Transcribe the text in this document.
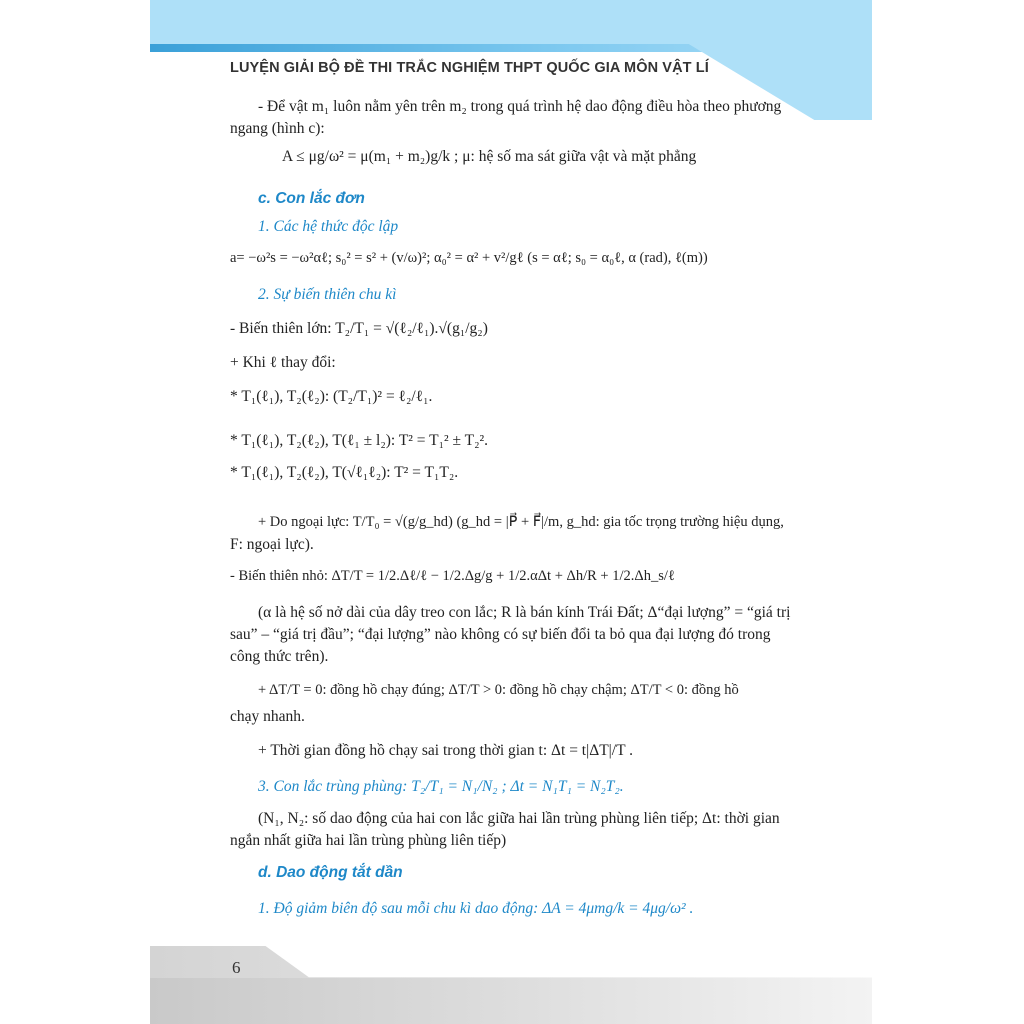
LUYỆN GIẢI BỘ ĐỀ THI TRẮC NGHIỆM THPT QUỐC GIA MÔN VẬT LÍ
- Để vật m₁ luôn nằm yên trên m₂ trong quá trình hệ dao động điều hòa theo phương
ngang (hình c):
A ≤ μg/ω² = μ(m₁ + m₂)g/k ; μ: hệ số ma sát giữa vật và mặt phẳng
c. Con lắc đơn
1. Các hệ thức độc lập
a= −ω²s = −ω²αℓ; s₀² = s² + (v/ω)²; α₀² = α² + v²/gℓ (s = αℓ; s₀ = α₀ℓ, α (rad), ℓ(m))
2. Sự biến thiên chu kì
- Biến thiên lớn: T₂/T₁ = √(ℓ₂/ℓ₁).√(g₁/g₂)
+ Khi ℓ thay đổi:
* T₁(ℓ₁), T₂(ℓ₂): (T₂/T₁)² = ℓ₂/ℓ₁.
* T₁(ℓ₁), T₂(ℓ₂), T(ℓ₁ ± l₂): T² = T₁² ± T₂².
* T₁(ℓ₁), T₂(ℓ₂), T(√ℓ₁ℓ₂): T² = T₁T₂.
+ Do ngoại lực: T/T₀ = √(g/g_hd) (g_hd = |P⃗ + F⃗|/m, g_hd: gia tốc trọng trường hiệu dụng,
F: ngoại lực).
- Biến thiên nhỏ: ΔT/T = 1/2.Δℓ/ℓ − 1/2.Δg/g + 1/2.αΔt + Δh/R + 1/2.Δh_s/ℓ
(α là hệ số nở dài của dây treo con lắc; R là bán kính Trái Đất; Δ“đại lượng” = “giá trị
sau” – “giá trị đầu”; “đại lượng” nào không có sự biến đổi ta bỏ qua đại lượng đó trong
công thức trên).
+ ΔT/T = 0: đồng hồ chạy đúng; ΔT/T > 0: đồng hồ chạy chậm; ΔT/T < 0: đồng hồ
chạy nhanh.
+ Thời gian đồng hồ chạy sai trong thời gian t: Δt = t|ΔT|/T .
3. Con lắc trùng phùng: T₂/T₁ = N₁/N₂ ; Δt = N₁T₁ = N₂T₂.
(N₁, N₂: số dao động của hai con lắc giữa hai lần trùng phùng liên tiếp; Δt: thời gian
ngắn nhất giữa hai lần trùng phùng liên tiếp)
d. Dao động tắt dần
1. Độ giảm biên độ sau mỗi chu kì dao động: ΔA = 4μmg/k = 4μg/ω² .
6
